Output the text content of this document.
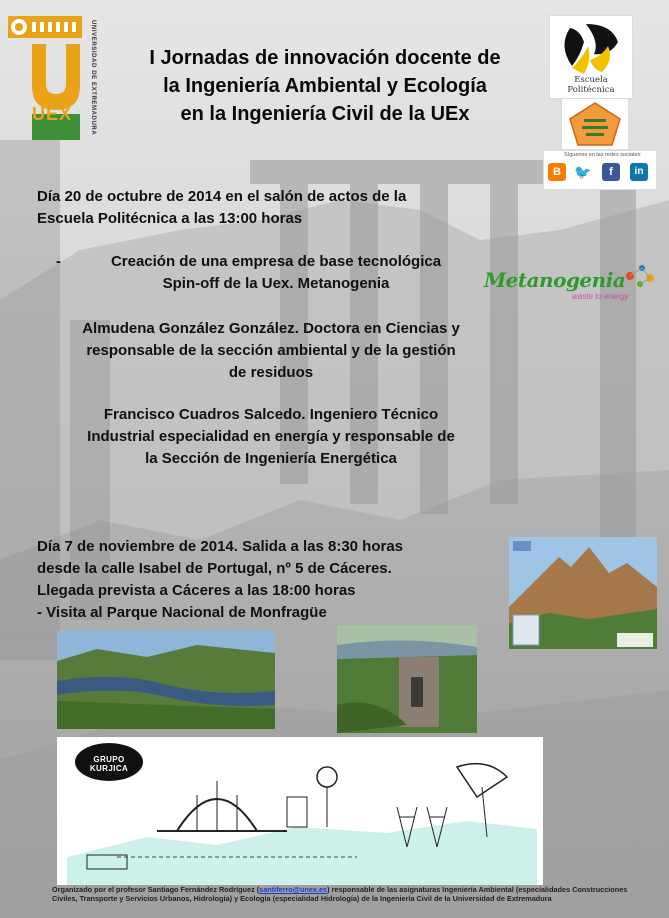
UEX	UNIVERSIDAD DE EXTREMADURA	I Jornadas de innovación docente de
la Ingeniería Ambiental y Ecología
en la Ingeniería Civil de la UEx
Escuela Politécnica
Síguenos en las redes sociales:
B 🐦	f	in
Día 20 de octubre de 2014 en el salón de actos de la
Escuela Politécnica a las 13:00 horas
-	Creación de una empresa de base tecnológica
Spin-off de la Uex. Metanogenia	Metanogenia
waste to energy
Almudena González González. Doctora en Ciencias y
responsable de la sección ambiental y de la gestión
de residuos
Francisco Cuadros Salcedo. Ingeniero Técnico
Industrial especialidad en energía y responsable de
la Sección de Ingeniería Energética
Día 7 de noviembre de 2014. Salida a las 8:30 horas
desde la calle Isabel de Portugal, nº 5 de Cáceres.
Llegada prevista a Cáceres a las 18:00 horas
- Visita al Parque Nacional de Monfragüe
GRUPO KURJICA
Organizado por el profesor Santiago Fernández Rodríguez (santiferro@unex.es) responsable de las asignaturas Ingeniería Ambiental (especialidades Construcciones Civiles, Transporte y Servicios Urbanos, Hidrología) y Ecología (especialidad Hidrología) de la Ingeniería Civil de la Universidad de Extremadura
